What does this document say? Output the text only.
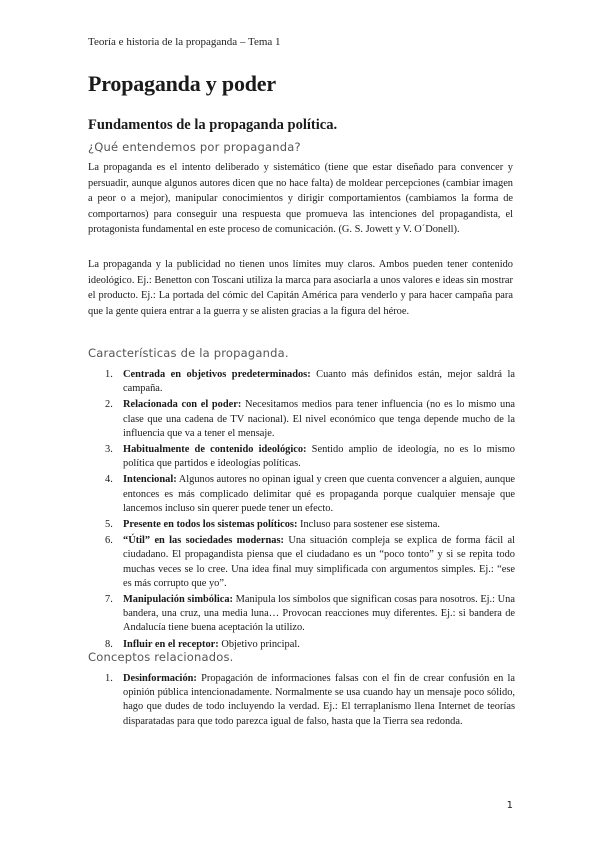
Teoría e historia de la propaganda – Tema 1
Propaganda y poder
Fundamentos de la propaganda política.
¿Qué entendemos por propaganda?

La propaganda es el intento deliberado y sistemático (tiene que estar diseñado para convencer y persuadir, aunque algunos autores dicen que no hace falta) de moldear percepciones (cambiar imagen a peor o a mejor), manipular conocimientos y dirigir comportamientos (cambiamos la forma de comportarnos) para conseguir una respuesta que promueva las intenciones del propagandista, el protagonista fundamental en este proceso de comunicación. (G. S. Jowett y V. O´Donell).

La propaganda y la publicidad no tienen unos límites muy claros. Ambos pueden tener contenido ideológico. Ej.: Benetton con Toscani utiliza la marca para asociarla a unos valores e ideas sin mostrar el producto. Ej.: La portada del cómic del Capitán América para venderlo y para hacer campaña para que la gente quiera entrar a la guerra y se alisten gracias a la figura del héroe.

Características de la propaganda.
1. Centrada en objetivos predeterminados: Cuanto más definidos están, mejor saldrá la campaña.
2. Relacionada con el poder: Necesitamos medios para tener influencia (no es lo mismo una clase que una cadena de TV nacional). El nivel económico que tenga depende mucho de la influencia que va a tener el mensaje.
3. Habitualmente de contenido ideológico: Sentido amplio de ideología, no es lo mismo política que partidos e ideologías políticas.
4. Intencional: Algunos autores no opinan igual y creen que cuenta convencer a alguien, aunque entonces es más complicado delimitar qué es propaganda porque cualquier mensaje que lancemos incluso sin querer puede tener un efecto.
5. Presente en todos los sistemas políticos: Incluso para sostener ese sistema.
6. “Útil” en las sociedades modernas: Una situación compleja se explica de forma fácil al ciudadano. El propagandista piensa que el ciudadano es un “poco tonto” y si se repita todo muchas veces se lo cree. Una idea final muy simplificada con argumentos simples. Ej.: “ese es más corrupto que yo”.
7. Manipulación simbólica: Manipula los símbolos que significan cosas para nosotros. Ej.: Una bandera, una cruz, una media luna… Provocan reacciones muy diferentes. Ej.: si bandera de Andalucía tiene buena aceptación la utilizo.
8. Influir en el receptor: Objetivo principal.
Conceptos relacionados.
1. Desinformación: Propagación de informaciones falsas con el fin de crear confusión en la opinión pública intencionadamente. Normalmente se usa cuando hay un mensaje poco sólido, hago que dudes de todo incluyendo la verdad. Ej.: El terraplanismo llena Internet de teorías disparatadas para que todo parezca igual de falso, hasta que la Tierra sea redonda.
1
